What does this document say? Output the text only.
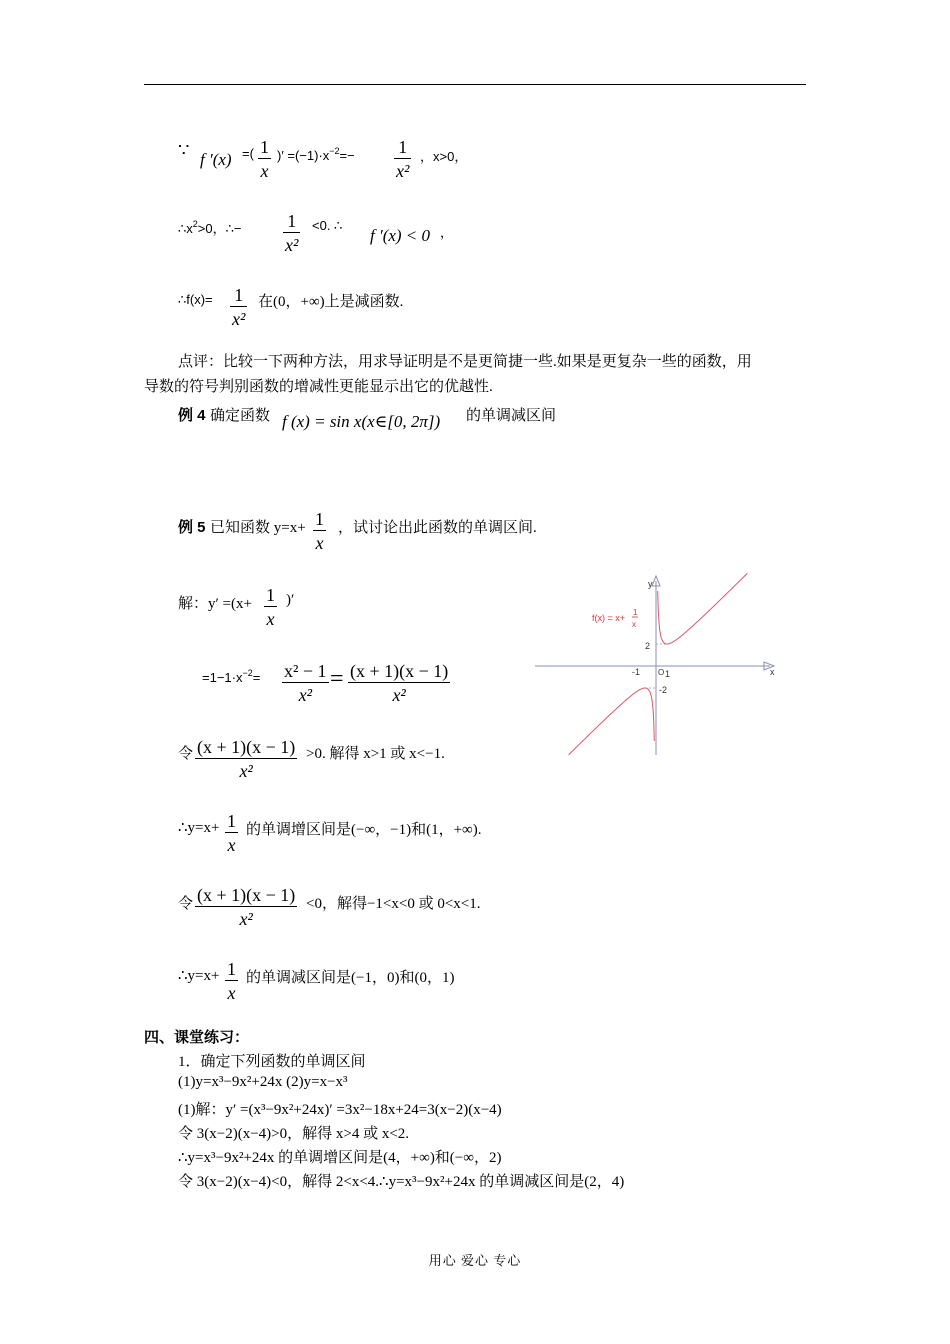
∵ f ′(x) =( 1
x
)′ $=(-1)\cdot x^{-2}=- 1$
x²
，x>0，
$\therefore x^2>0$，∴−	1
x²
<0. ∴
f ′(x) < 0 ，
∴f(x)= 1
x²
在(0，+∞)上是减函数.
点评：比较一下两种方法，用求导证明是不是更简捷一些.如果是更复杂一些的函数，用
导数的符号判别函数的增减性更能显示出它的优越性.
例 4 确定函数 f (x) = sin x(x∈[0, 2π]) 的单调减区间
例 5 已知函数 y=x+ 1
x
，试讨论出此函数的单调区间.
解：y′ =(x+ 1
x
)′
$=1-1\cdot x^{-2}= x^2 - 1$
x²
= (x + 1)(x − 1)
x²
令 (x + 1)(x − 1)
x²
>0. 解得 x>1 或 x<−1.
∴y=x+ 1
x
的单调增区间是(−∞，−1)和(1，+∞).
令 (x + 1)(x − 1)
x²
<0，解得−1<x<0 或 0<x<1.
∴y=x+ 1
x
的单调减区间是(−1，0)和(0，1)
四、课堂练习：
1．确定下列函数的单调区间
(1)y=x³−9x²+24x (2)y=x−x³
(1)解：y′ =(x³−9x²+24x)′ =3x²−18x+24=3(x−2)(x−4)
令 3(x−2)(x−4)>0，解得 x>4 或 x<2.
∴y=x³−9x²+24x 的单调增区间是(4，+∞)和(−∞，2)
令 3(x−2)(x−4)<0，解得 2<x<4.∴y=x³−9x²+24x 的单调减区间是(2，4)
y
x
O
-1	1
2
-2
f(x) = x+
1
x
用心 爱心 专心
